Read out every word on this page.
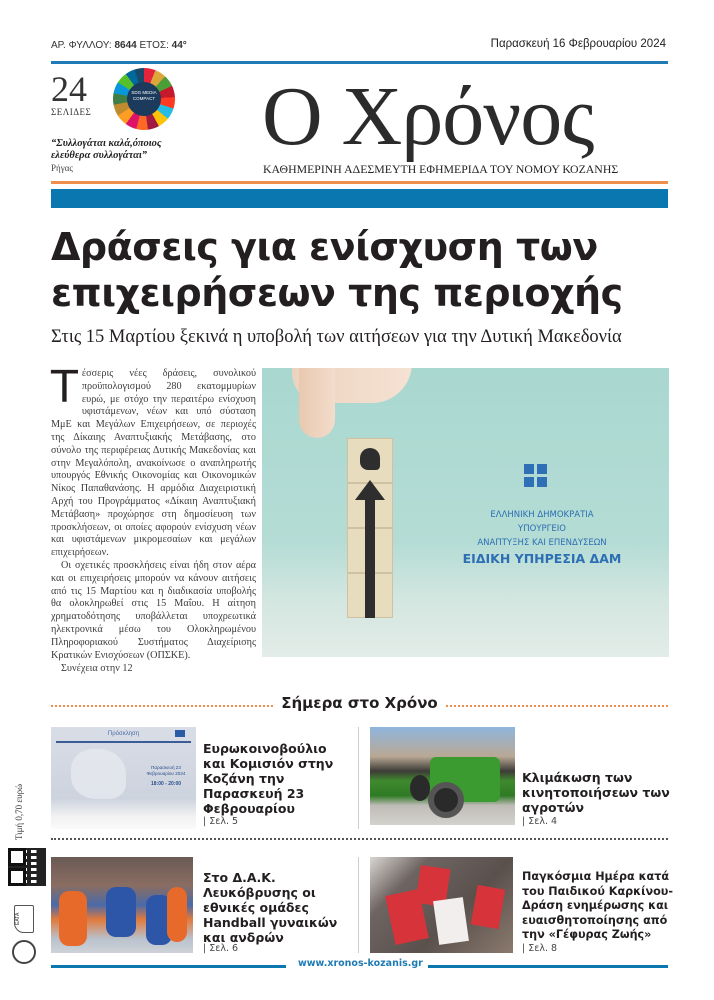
ΑΡ. ΦΥΛΛΟΥ: 8644 ΕΤΟΣ: 44°	Παρασκευή 16 Φεβρουαρίου 2024
24
ΣΕΛΙΔΕΣ
SDG MEDIA COMPACT
“Συλλογάται καλά,όποιος ελεύθερα συλλογάται”
Ρήγας
Ο Χρόνος
ΚΑΘΗΜΕΡΙΝΗ ΑΔΕΣΜΕΥΤΗ ΕΦΗΜΕΡΙΔΑ ΤΟΥ ΝΟΜΟΥ ΚΟΖΑΝΗΣ
Δράσεις για ενίσχυση των επιχειρήσεων της περιοχής
Στις 15 Μαρτίου ξεκινά η υποβολή των αιτήσεων για την Δυτική Μακεδονία

Τέσσερις νέες δράσεις, συνολικού προϋπολογισμού 280 εκατομμυρίων ευρώ, με στόχο την περαιτέρω ενίσχυση υφιστάμενων, νέων και υπό σύσταση ΜμΕ και Μεγάλων Επιχειρήσεων, σε περιοχές της Δίκαιης Αναπτυξιακής Μετάβασης, στο σύνολο της περιφέρειας Δυτικής Μακεδονίας και στην Μεγαλόπολη, ανακοίνωσε ο αναπληρωτής υπουργός Εθνικής Οικονομίας και Οικονομικών Νίκος Παπαθανάσης. Η αρμόδια Διαχειριστική Αρχή του Προγράμματος «Δίκαιη Αναπτυξιακή Μετάβαση» προχώρησε στη δημοσίευση των προσκλήσεων, οι οποίες αφορούν ενίσχυση νέων και υφιστάμενων μικρομεσαίων και μεγάλων επιχειρήσεων.

Οι σχετικές προσκλήσεις είναι ήδη στον αέρα και οι επιχειρήσεις μπορούν να κάνουν αιτήσεις από τις 15 Μαρτίου και η διαδικασία υποβολής θα ολοκληρωθεί στις 15 Μαΐου. Η αίτηση χρηματοδότησης υποβάλλεται υποχρεωτικά ηλεκτρονικά μέσω του Ολοκληρωμένου Πληροφοριακού Συστήματος Διαχείρισης Κρατικών Ενισχύσεων (ΟΠΣΚΕ).

Συνέχεια στην 12

ΕΛΛΗΝΙΚΗ ΔΗΜΟΚΡΑΤΙΑ
ΥΠΟΥΡΓΕΙΟ
ΑΝΑΠΤΥΞΗΣ ΚΑΙ ΕΠΕΝΔΥΣΕΩΝ
ΕΙΔΙΚΗ ΥΠΗΡΕΣΙΑ ΔΑΜ
Σήμερα στο Χρόνο
Πρόσκληση
Παρασκευή 23 Φεβρουαρίου 2024
18:00 - 20:00
Ευρωκοινοβούλιο και Κομισιόν στην Κοζάνη την Παρασκευή 23 Φεβρουαρίου
| Σελ. 5
Κλιμάκωση των κινητοποιήσεων των αγροτών
| Σελ. 4
Στο Δ.Α.Κ. Λευκόβρυσης οι εθνικές ομάδες Handball γυναικών και ανδρών
| Σελ. 6
Παγκόσμια Ημέρα κατά του Παιδικού Καρκίνου-Δράση ενημέρωσης και ευαισθητοποίησης από την «Γέφυρας Ζωής»
| Σελ. 8
Τιμή 0,70 ευρώ
ΕΑΤΑ
www.xronos-kozanis.gr
